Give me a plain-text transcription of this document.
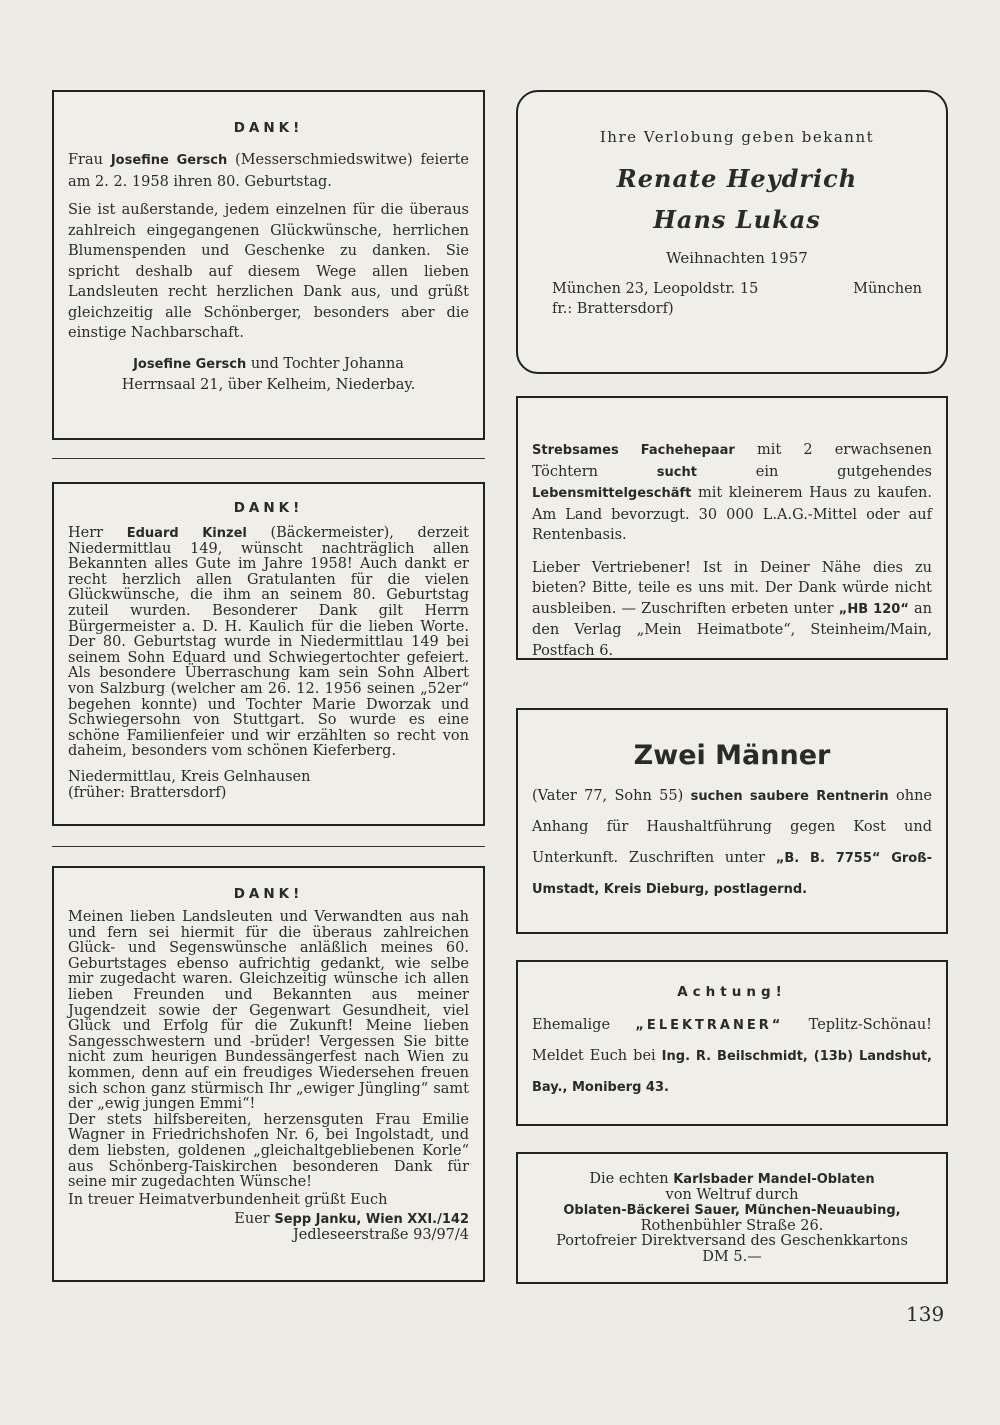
DANK!

Frau Josefine Gersch (Messerschmiedswitwe) feierte am 2. 2. 1958 ihren 80. Geburtstag.

Sie ist außerstande, jedem einzelnen für die überaus zahlreich eingegangenen Glückwünsche, herrlichen Blumenspenden und Geschenke zu danken. Sie spricht deshalb auf diesem Wege allen lieben Landsleuten recht herzlichen Dank aus, und grüßt gleichzeitig alle Schönberger, besonders aber die einstige Nachbarschaft.

Josefine Gersch und Tochter Johanna

Herrnsaal 21, über Kelheim, Niederbay.

Ihre Verlobung geben bekannt

Renate Heydrich

Hans Lukas

Weihnachten 1957

München 23, Leopoldstr. 15

fr.: Brattersdorf)

München

Strebsames Fachehepaar mit 2 erwachsenen Töchtern sucht ein gutgehendes Lebensmittelgeschäft mit kleinerem Haus zu kaufen. Am Land bevorzugt. 30 000 L.A.G.-Mittel oder auf Rentenbasis.

Lieber Vertriebener! Ist in Deiner Nähe dies zu bieten? Bitte, teile es uns mit. Der Dank würde nicht ausbleiben. — Zuschriften erbeten unter „HB 120“ an den Verlag „Mein Heimatbote“, Steinheim/Main, Postfach 6.

DANK!

Herr Eduard Kinzel (Bäckermeister), derzeit Niedermittlau 149, wünscht nachträglich allen Bekannten alles Gute im Jahre 1958! Auch dankt er recht herzlich allen Gratulanten für die vielen Glückwünsche, die ihm an seinem 80. Geburtstag zuteil wurden. Besonderer Dank gilt Herrn Bürgermeister a. D. H. Kaulich für die lieben Worte. Der 80. Geburtstag wurde in Niedermittlau 149 bei seinem Sohn Eduard und Schwiegertochter gefeiert. Als besondere Überraschung kam sein Sohn Albert von Salzburg (welcher am 26. 12. 1956 seinen „52er“ begehen konnte) und Tochter Marie Dworzak und Schwiegersohn von Stuttgart. So wurde es eine schöne Familienfeier und wir erzählten so recht von daheim, besonders vom schönen Kieferberg.

Niedermittlau, Kreis Gelnhausen

(früher: Brattersdorf)

Zwei Männer

(Vater 77, Sohn 55) suchen saubere Rentnerin ohne Anhang für Haushaltführung gegen Kost und Unterkunft. Zuschriften unter „B. B. 7755“ Groß-Umstadt, Kreis Dieburg, postlagernd.

DANK!

Meinen lieben Landsleuten und Verwandten aus nah und fern sei hiermit für die überaus zahlreichen Glück- und Segenswünsche anläßlich meines 60. Geburtstages ebenso aufrichtig gedankt, wie selbe mir zugedacht waren. Gleichzeitig wünsche ich allen lieben Freunden und Bekannten aus meiner Jugendzeit sowie der Gegenwart Gesundheit, viel Glück und Erfolg für die Zukunft! Meine lieben Sangesschwestern und -brüder! Vergessen Sie bitte nicht zum heurigen Bundessängerfest nach Wien zu kommen, denn auf ein freudiges Wiedersehen freuen sich schon ganz stürmisch Ihr „ewiger Jüngling“ samt der „ewig jungen Emmi“!

Der stets hilfsbereiten, herzensguten Frau Emilie Wagner in Friedrichshofen Nr. 6, bei Ingolstadt, und dem liebsten, goldenen „gleichaltgebliebenen Korle“ aus Schönberg-Taiskirchen besonderen Dank für seine mir zugedachten Wünsche!

In treuer Heimatverbundenheit grüßt Euch

Euer Sepp Janku, Wien XXI./142

Jedleseerstraße 93/97/4

Achtung!

Ehemalige „ELEKTRANER“ Teplitz-Schönau! Meldet Euch bei Ing. R. Beilschmidt, (13b) Landshut, Bay., Moniberg 43.

Die echten Karlsbader Mandel-Oblaten

von Weltruf durch

Oblaten-Bäckerei Sauer, München-Neuaubing,

Rothenbühler Straße 26.

Portofreier Direktversand des Geschenkkartons

DM 5.—

139
